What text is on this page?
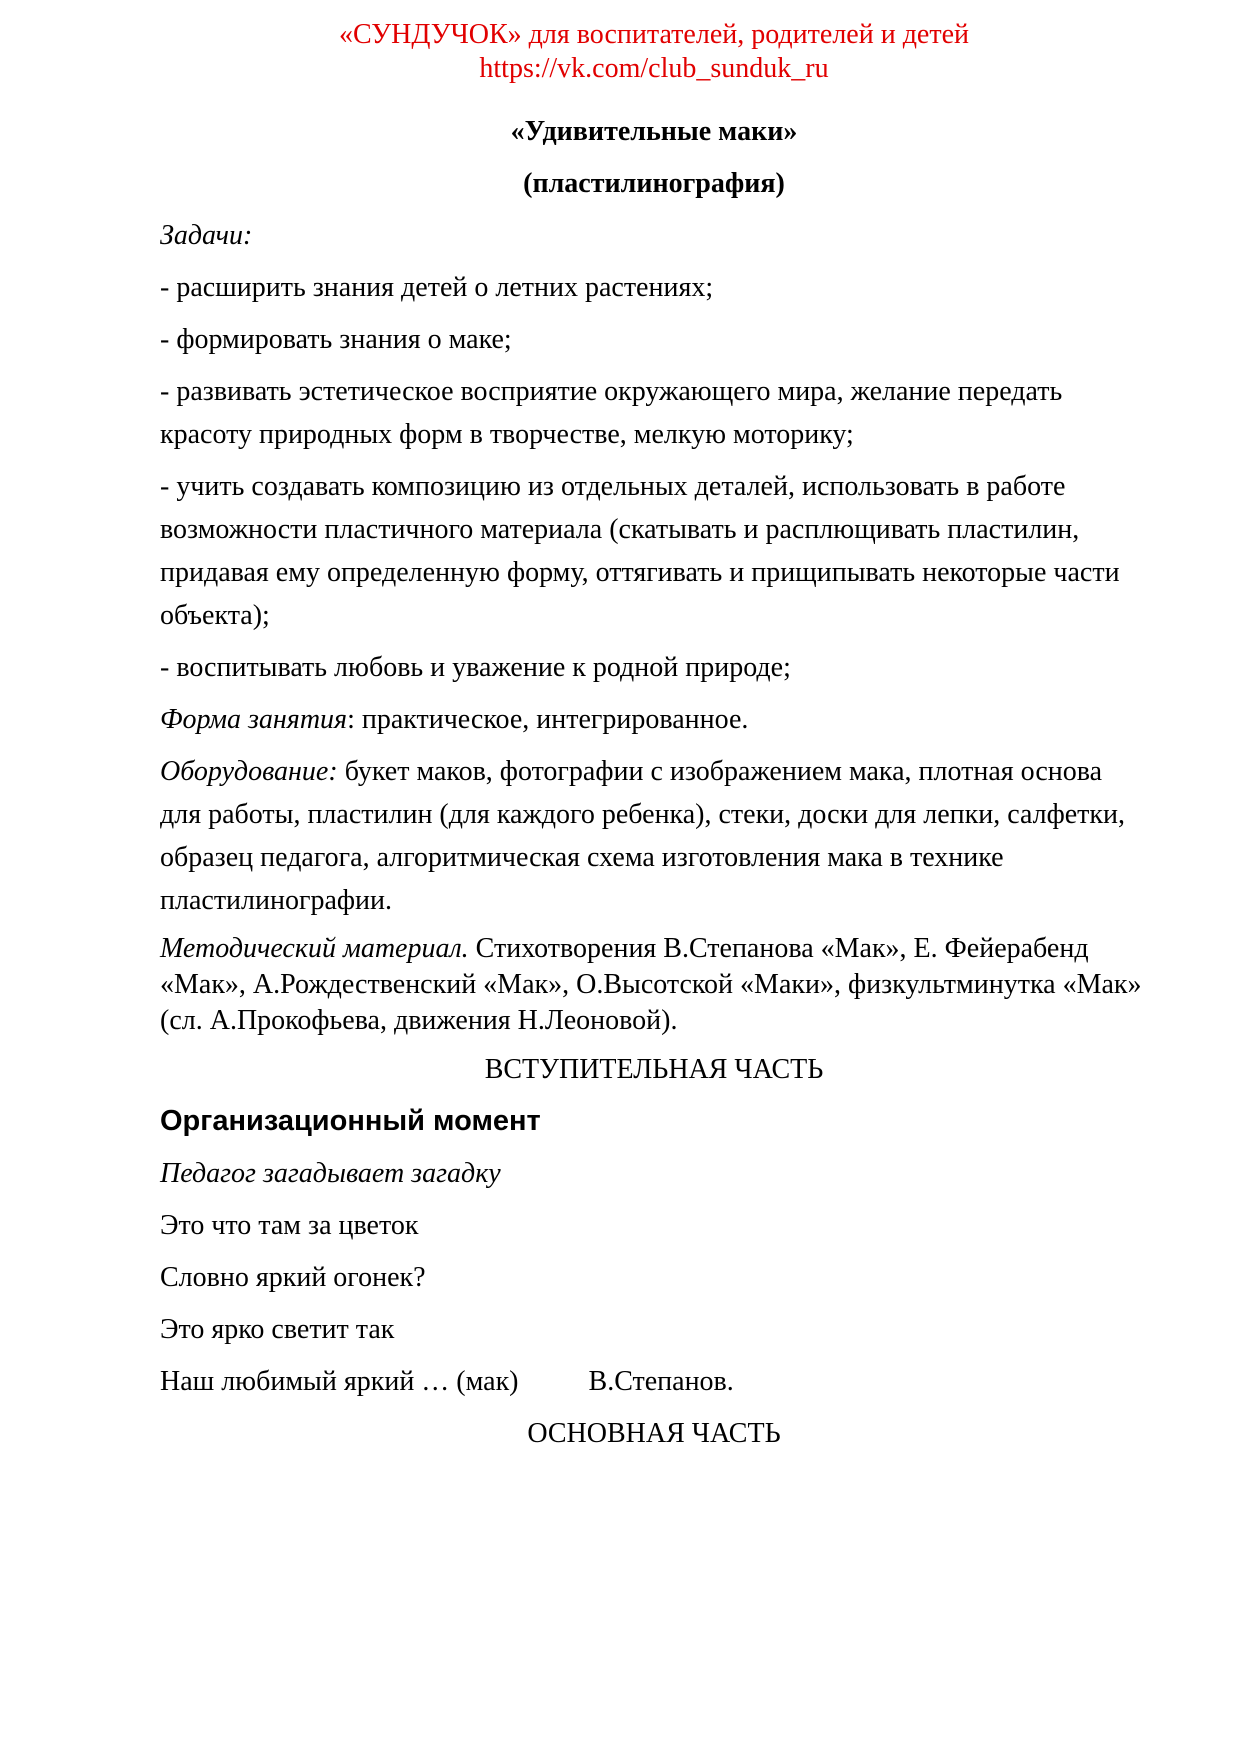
«СУНДУЧОК» для воспитателей, родителей и детей

https://vk.com/club_sunduk_ru

«Удивительные маки»

(пластилинография)

Задачи:

- расширить знания детей о летних растениях;

- формировать знания о маке;

- развивать эстетическое восприятие окружающего мира, желание передать красоту природных форм в творчестве, мелкую моторику;

- учить создавать композицию из отдельных деталей, использовать в работе возможности пластичного материала (скатывать и расплющивать пластилин, придавая ему определенную форму, оттягивать и прищипывать некоторые части объекта);

- воспитывать любовь и уважение к родной природе;

Форма занятия: практическое, интегрированное.

Оборудование: букет маков, фотографии с изображением мака, плотная основа для работы, пластилин (для каждого ребенка), стеки, доски для лепки, салфетки, образец педагога, алгоритмическая схема изготовления мака в технике пластилинографии.

Методический материал. Стихотворения В.Степанова «Мак», Е. Фейерабенд «Мак», А.Рождественский «Мак», О.Высотской «Маки», физкультминутка «Мак» (сл. А.Прокофьева, движения Н.Леоновой).

ВСТУПИТЕЛЬНАЯ ЧАСТЬ

Организационный момент

Педагог загадывает загадку

Это что там за цветок

Словно яркий огонек?

Это ярко светит так

Наш любимый яркий … (мак)	В.Степанов.

ОСНОВНАЯ ЧАСТЬ
